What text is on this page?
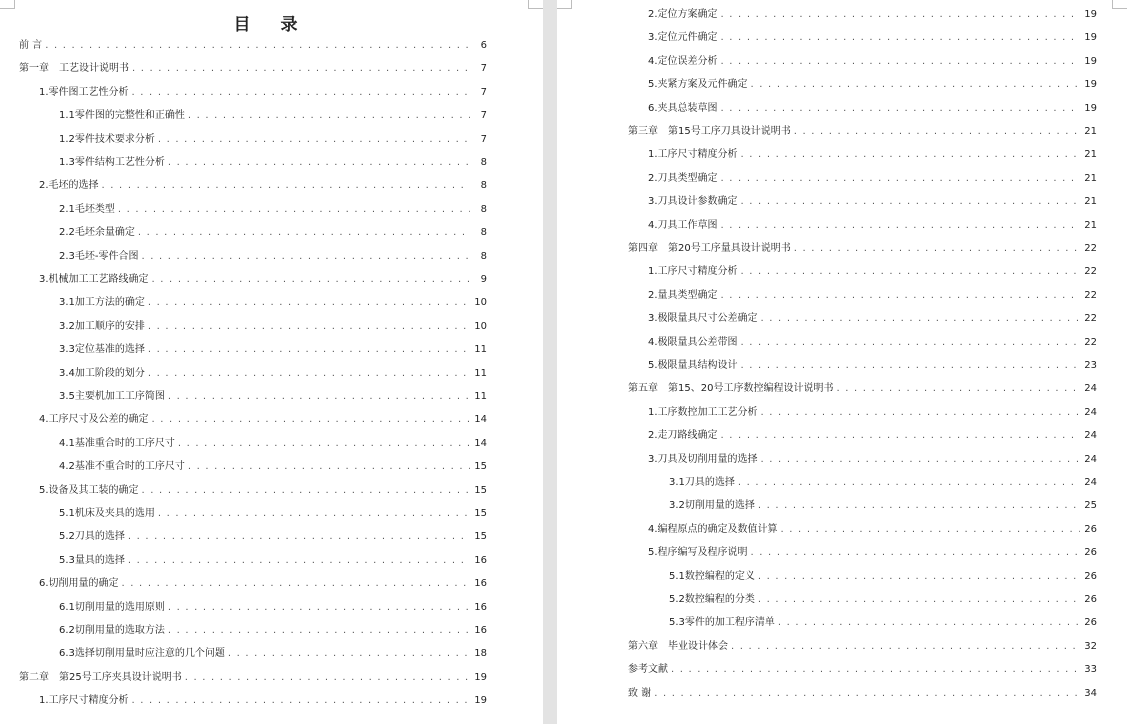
目 录
前 言 . . .	6
第一章　工艺设计说明书 . . .	7
1.零件图工艺性分析 . . .	7
1.1零件图的完整性和正确性 . . .	7
1.2零件技术要求分析 . . .	7
1.3零件结构工艺性分析 . . .	8
2.毛坯的选择 . . .	8
2.1毛坯类型 . . .	8
2.2毛坯余量确定 . . .	8
2.3毛坯-零件合图 . . .	8
3.机械加工工艺路线确定 . . .	9
3.1加工方法的确定 . . .	10
3.2加工顺序的安排 . . .	10
3.3定位基准的选择 . . .	11
3.4加工阶段的划分 . . .	11
3.5主要机加工工序简图 . . .	11
4.工序尺寸及公差的确定 . . .	14
4.1基准重合时的工序尺寸 . . .	14
4.2基准不重合时的工序尺寸 . . .	15
5.设备及其工装的确定 . . .	15
5.1机床及夹具的选用 . . .	15
5.2刀具的选择 . . .	15
5.3量具的选择 . . .	16
6.切削用量的确定 . . .	16
6.1切削用量的选用原则 . . .	16
6.2切削用量的选取方法 . . .	16
6.3选择切削用量时应注意的几个问题 . . .	18
第二章　第25号工序夹具设计说明书 . . .	19
1.工序尺寸精度分析 . . .	19
2.定位方案确定 . . .	19
3.定位元件确定 . . .	19
4.定位误差分析 . . .	19
5.夹紧方案及元件确定 . . .	19
6.夹具总装草图 . . .	19
第三章　第15号工序刀具设计说明书 . . .	21
1.工序尺寸精度分析 . . .	21
2.刀具类型确定 . . .	21
3.刀具设计参数确定 . . .	21
4.刀具工作草图 . . .	21
第四章　第20号工序量具设计说明书 . . .	22
1.工序尺寸精度分析 . . .	22
2.量具类型确定 . . .	22
3.极限量具尺寸公差确定 . . .	22
4.极限量具公差带图 . . .	22
5.极限量具结构设计 . . .	23
第五章　第15、20号工序数控编程设计说明书 . . .	24
1.工序数控加工工艺分析 . . .	24
2.走刀路线确定 . . .	24
3.刀具及切削用量的选择 . . .	24
3.1刀具的选择 . . .	24
3.2切削用量的选择 . . .	25
4.编程原点的确定及数值计算 . . .	26
5.程序编写及程序说明 . . .	26
5.1数控编程的定义 . . .	26
5.2数控编程的分类 . . .	26
5.3零件的加工程序清单 . . .	26
第六章　毕业设计体会 . . .	32
参考文献 . . .	33
致 谢 . . .	34
